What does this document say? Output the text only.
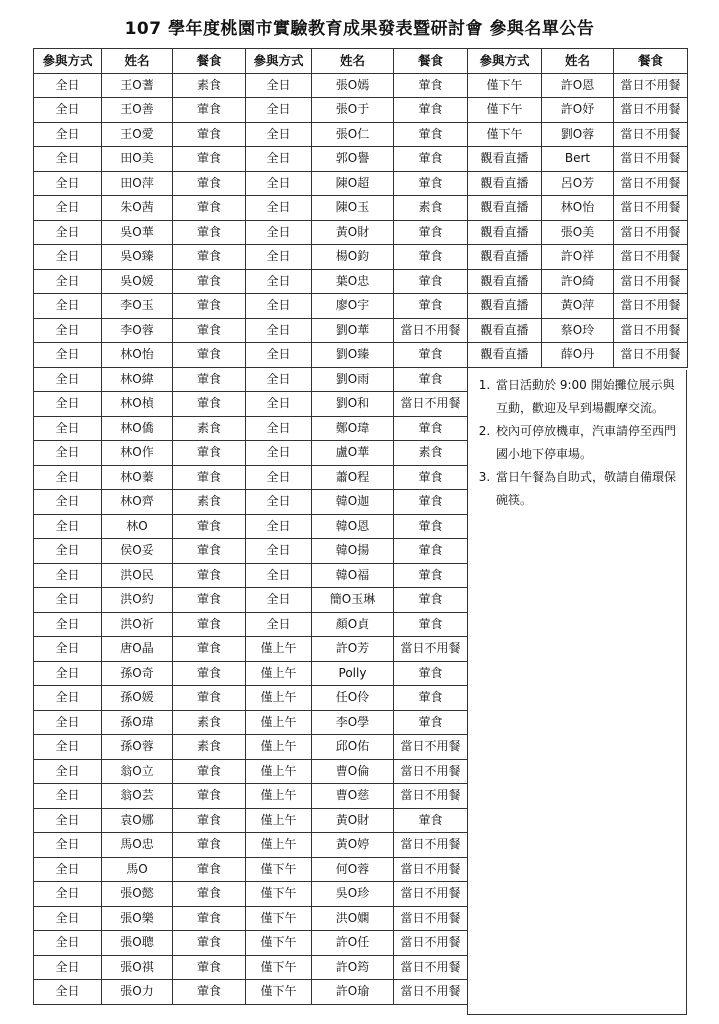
107 學年度桃園市實驗教育成果發表暨研討會 參與名單公告
參與方式	姓名	餐食
全日	王O蓍	素食
全日	王O善	葷食
全日	王O愛	葷食
全日	田O美	葷食
全日	田O萍	葷食
全日	朱O茜	葷食
全日	吳O華	葷食
全日	吳O臻	葷食
全日	吳O媛	葷食
全日	李O玉	葷食
全日	李O蓉	葷食
全日	林O怡	葷食
全日	林O緯	葷食
全日	林O楨	葷食
全日	林O僑	素食
全日	林O作	葷食
全日	林O蓁	葷食
全日	林O齊	素食
全日	林O	葷食
全日	侯O妥	葷食
全日	洪O民	葷食
全日	洪O約	葷食
全日	洪O祈	葷食
全日	唐O晶	葷食
全日	孫O奇	葷食
全日	孫O媛	葷食
全日	孫O瑋	素食
全日	孫O蓉	素食
全日	翁O立	葷食
全日	翁O芸	葷食
全日	袁O娜	葷食
全日	馬O忠	葷食
全日	馬O	葷食
全日	張O懿	葷食
全日	張O樂	葷食
全日	張O聰	葷食
全日	張O祺	葷食
全日	張O力	葷食
參與方式	姓名	餐食
全日	張O嫣	葷食
全日	張O于	葷食
全日	張O仁	葷食
全日	郭O譽	葷食
全日	陳O超	葷食
全日	陳O玉	素食
全日	黃O財	葷食
全日	楊O鈞	葷食
全日	葉O忠	葷食
全日	廖O宇	葷食
全日	劉O華	當日不用餐
全日	劉O臻	葷食
全日	劉O雨	葷食
全日	劉O和	當日不用餐
全日	鄭O瑋	葷食
全日	盧O華	素食
全日	蕭O程	葷食
全日	韓O迦	葷食
全日	韓O恩	葷食
全日	韓O揚	葷食
全日	韓O福	葷食
全日	簡O玉琳	葷食
全日	顏O貞	葷食
僅上午	許O芳	當日不用餐
僅上午	Polly	葷食
僅上午	任O伶	葷食
僅上午	李O學	葷食
僅上午	邱O佑	當日不用餐
僅上午	曹O倫	當日不用餐
僅上午	曹O慈	當日不用餐
僅上午	黃O財	葷食
僅上午	黃O婷	當日不用餐
僅下午	何O蓉	當日不用餐
僅下午	吳O珍	當日不用餐
僅下午	洪O嫻	當日不用餐
僅下午	許O任	當日不用餐
僅下午	許O筠	當日不用餐
僅下午	許O瑜	當日不用餐
參與方式	姓名	餐食
僅下午	許O恩	當日不用餐
僅下午	許O妤	當日不用餐
僅下午	劉O蓉	當日不用餐
觀看直播	Bert	當日不用餐
觀看直播	呂O芳	當日不用餐
觀看直播	林O怡	當日不用餐
觀看直播	張O美	當日不用餐
觀看直播	許O祥	當日不用餐
觀看直播	許O綺	當日不用餐
觀看直播	黃O萍	當日不用餐
觀看直播	蔡O玲	當日不用餐
觀看直播	薛O丹	當日不用餐
1. 當日活動於 9:00 開始攤位展示與互動，歡迎及早到場觀摩交流。
2. 校內可停放機車，汽車請停至西門國小地下停車場。
3. 當日午餐為自助式，敬請自備環保碗筷。
